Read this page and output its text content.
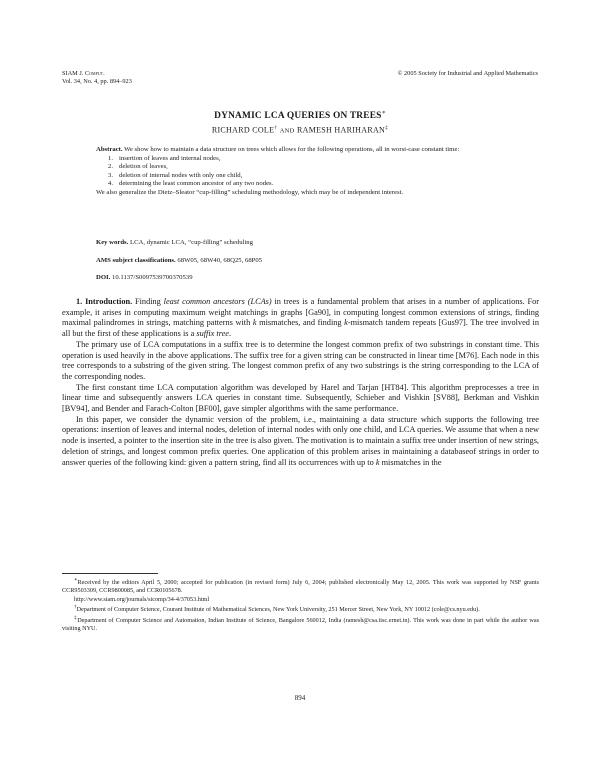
SIAM J. Comput.
Vol. 34, No. 4, pp. 894–923
© 2005 Society for Industrial and Applied Mathematics
DYNAMIC LCA QUERIES ON TREES∗
RICHARD COLE† AND RAMESH HARIHARAN‡

Abstract. We show how to maintain a data structure on trees which allows for the following operations, all in worst-case constant time:

1. insertion of leaves and internal nodes,
2. deletion of leaves,
3. deletion of internal nodes with only one child,
4. determining the least common ancestor of any two nodes.

We also generalize the Dietz–Sleator “cup-filling” scheduling methodology, which may be of independent interest.

Key words. LCA, dynamic LCA, “cup-filling” scheduling
AMS subject classifications. 68W05, 68W40, 68Q25, 68P05
DOI. 10.1137/S0097539700370539

1. Introduction. Finding least common ancestors (LCAs) in trees is a fundamental problem that arises in a number of applications. For example, it arises in computing maximum weight matchings in graphs [Ga90], in computing longest common extensions of strings, finding maximal palindromes in strings, matching patterns with k mismatches, and finding k-mismatch tandem repeats [Gus97]. The tree involved in all but the first of these applications is a suffix tree.

The primary use of LCA computations in a suffix tree is to determine the longest common prefix of two substrings in constant time. This operation is used heavily in the above applications. The suffix tree for a given string can be constructed in linear time [M76]. Each node in this tree corresponds to a substring of the given string. The longest common prefix of any two substrings is the string corresponding to the LCA of the corresponding nodes.

The first constant time LCA computation algorithm was developed by Harel and Tarjan [HT84]. This algorithm preprocesses a tree in linear time and subsequently answers LCA queries in constant time. Subsequently, Schieber and Vishkin [SV88], Berkman and Vishkin [BV94], and Bender and Farach-Colton [BF00], gave simpler algorithms with the same performance.

In this paper, we consider the dynamic version of the problem, i.e., maintaining a data structure which supports the following tree operations: insertion of leaves and internal nodes, deletion of internal nodes with only one child, and LCA queries. We assume that when a new node is inserted, a pointer to the insertion site in the tree is also given. The motivation is to maintain a suffix tree under insertion of new strings, deletion of strings, and longest common prefix queries. One application of this problem arises in maintaining a databaseof strings in order to answer queries of the following kind: given a pattern string, find all its occurrences with up to k mismatches in the

∗Received by the editors April 5, 2000; accepted for publication (in revised form) July 6, 2004; published electronically May 12, 2005. This work was supported by NSF grants CCR9503309, CCR9800085, and CCR0105678.

http://www.siam.org/journals/sicomp/34-4/37053.html

†Department of Computer Science, Courant Institute of Mathematical Sciences, New York University, 251 Mercer Street, New York, NY 10012 (cole@cs.nyu.edu).

‡Department of Computer Science and Automation, Indian Institute of Science, Bangalore 560012, India (ramesh@csa.iisc.ernet.in). This work was done in part while the author was visiting NYU.

894
